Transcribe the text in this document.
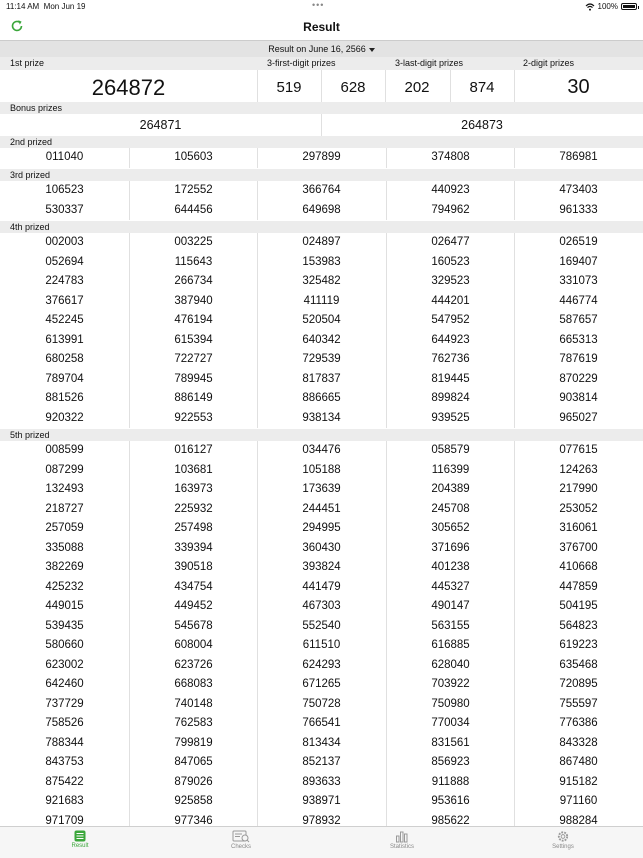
11:14 AM Mon Jun 19	•••	100%
Result
Result on June 16, 2566
1st prize	3-first-digit prizes	3-last-digit prizes	2-digit prizes
264872	519	628	202	874	30
Bonus prizes
264871	264873
2nd prized
011040	105603	297899	374808	786981
3rd prized
106523	172552	366764	440923	473403
530337	644456	649698	794962	961333
4th prized
002003	003225	024897	026477	026519
052694	115643	153983	160523	169407
224783	266734	325482	329523	331073
376617	387940	411119	444201	446774
452245	476194	520504	547952	587657
613991	615394	640342	644923	665313
680258	722727	729539	762736	787619
789704	789945	817837	819445	870229
881526	886149	886665	899824	903814
920322	922553	938134	939525	965027
5th prized
008599	016127	034476	058579	077615
087299	103681	105188	116399	124263
132493	163973	173639	204389	217990
218727	225932	244451	245708	253052
257059	257498	294995	305652	316061
335088	339394	360430	371696	376700
382269	390518	393824	401238	410668
425232	434754	441479	445327	447859
449015	449452	467303	490147	504195
539435	545678	552540	563155	564823
580660	608004	611510	616885	619223
623002	623726	624293	628040	635468
642460	668083	671265	703922	720895
737729	740148	750728	750980	755597
758526	762583	766541	770034	776386
788344	799819	813434	831561	843328
843753	847065	852137	856923	867480
875422	879026	893633	911888	915182
921683	925858	938971	953616	971160
971709	977346	978932	985622	988284
Result	Checks	Statistics	Settings
